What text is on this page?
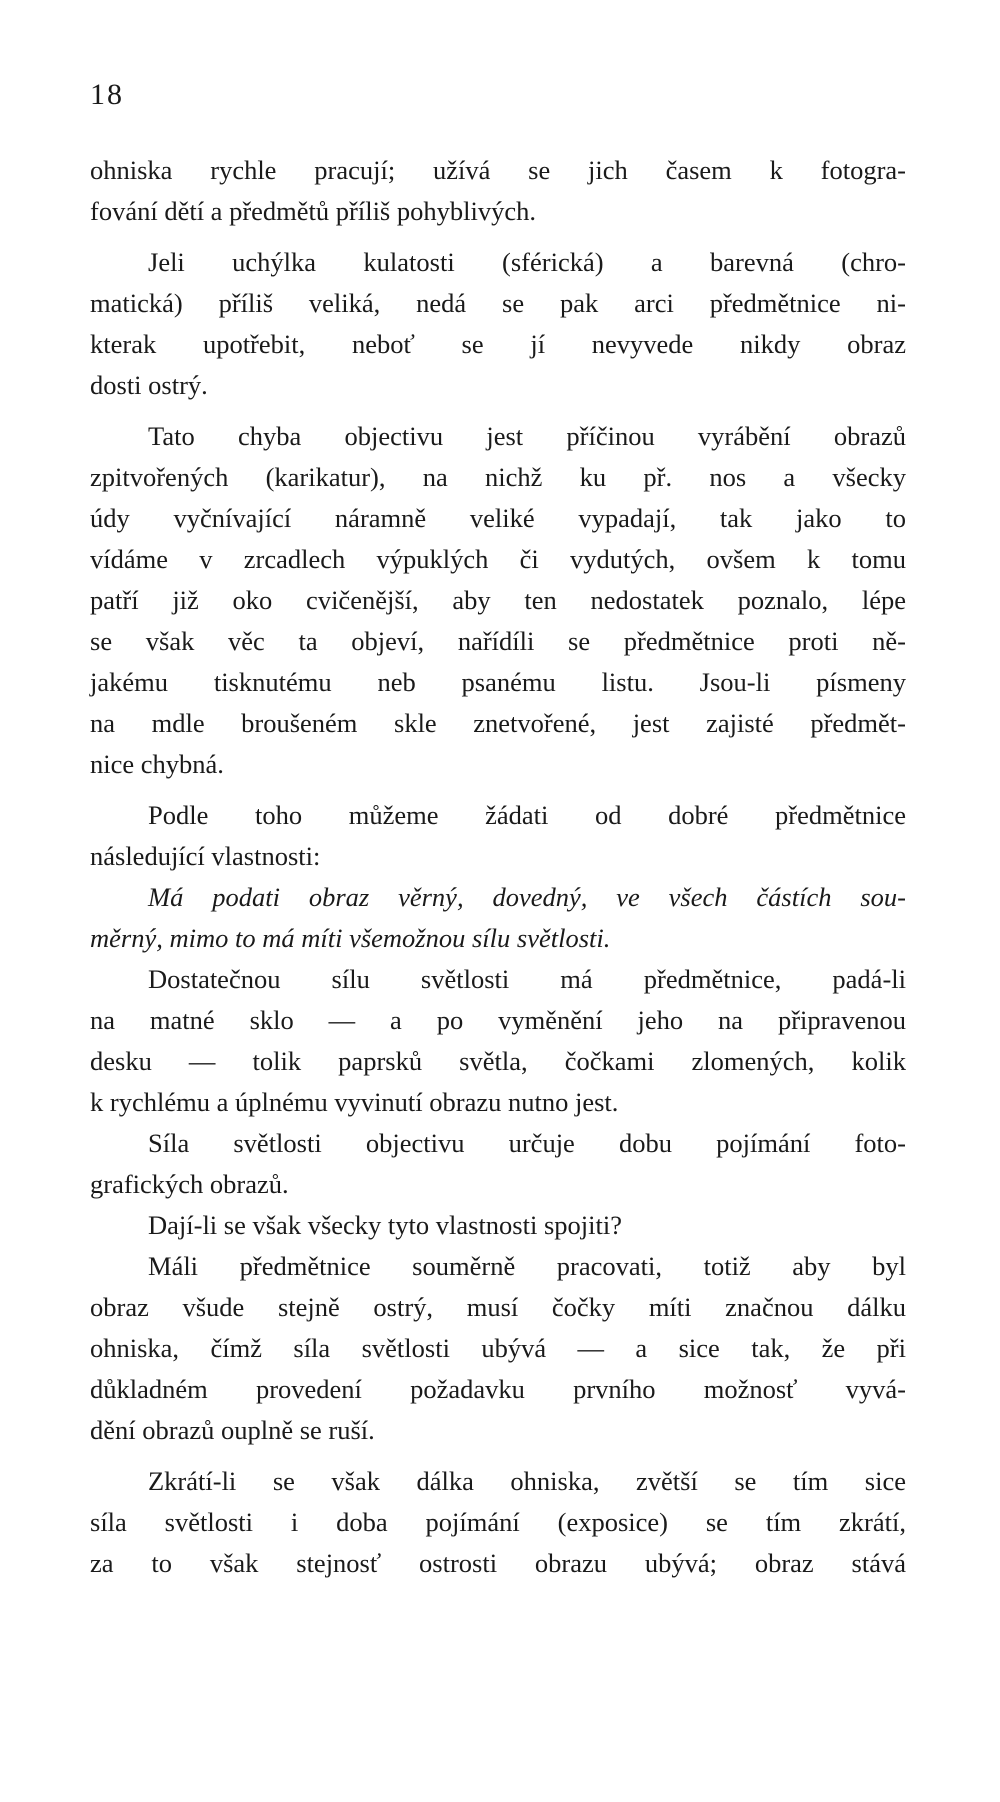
18
ohniska rychle pracují; užívá se jich časem k fotogra-
fování dětí a předmětů příliš pohyblivých.
Jeli uchýlka kulatosti (sférická) a barevná (chro-
matická) příliš veliká, nedá se pak arci předmětnice ni-
kterak upotřebit, neboť se jí nevyvede nikdy obraz
dosti ostrý.
Tato chyba objectivu jest příčinou vyrábění obrazů
zpitvořených (karikatur), na nichž ku př. nos a všecky
údy vyčnívající náramně veliké vypadají, tak jako to
vídáme v zrcadlech výpuklých či vydutých, ovšem k tomu
patří již oko cvičenější, aby ten nedostatek poznalo, lépe
se však věc ta objeví, nařídíli se předmětnice proti ně-
jakému tisknutému neb psanému listu. Jsou-li písmeny
na mdle broušeném skle znetvořené, jest zajisté předmět-
nice chybná.
Podle toho můžeme žádati od dobré předmětnice
následující vlastnosti:
Má podati obraz věrný, dovedný, ve všech částích sou-
měrný, mimo to má míti všemožnou sílu světlosti.
Dostatečnou sílu světlosti má předmětnice, padá-li
na matné sklo — a po vyměnění jeho na připravenou
desku — tolik paprsků světla, čočkami zlomených, kolik
k rychlému a úplnému vyvinutí obrazu nutno jest.
Síla světlosti objectivu určuje dobu pojímání foto-
grafických obrazů.
Dají-li se však všecky tyto vlastnosti spojiti?
Máli předmětnice souměrně pracovati, totiž aby byl
obraz všude stejně ostrý, musí čočky míti značnou dálku
ohniska, čímž síla světlosti ubývá — a sice tak, že při
důkladném provedení požadavku prvního možnosť vyvá-
dění obrazů ouplně se ruší.
Zkrátí-li se však dálka ohniska, zvětší se tím sice
síla světlosti i doba pojímání (exposice) se tím zkrátí,
za to však stejnosť ostrosti obrazu ubývá; obraz stává
